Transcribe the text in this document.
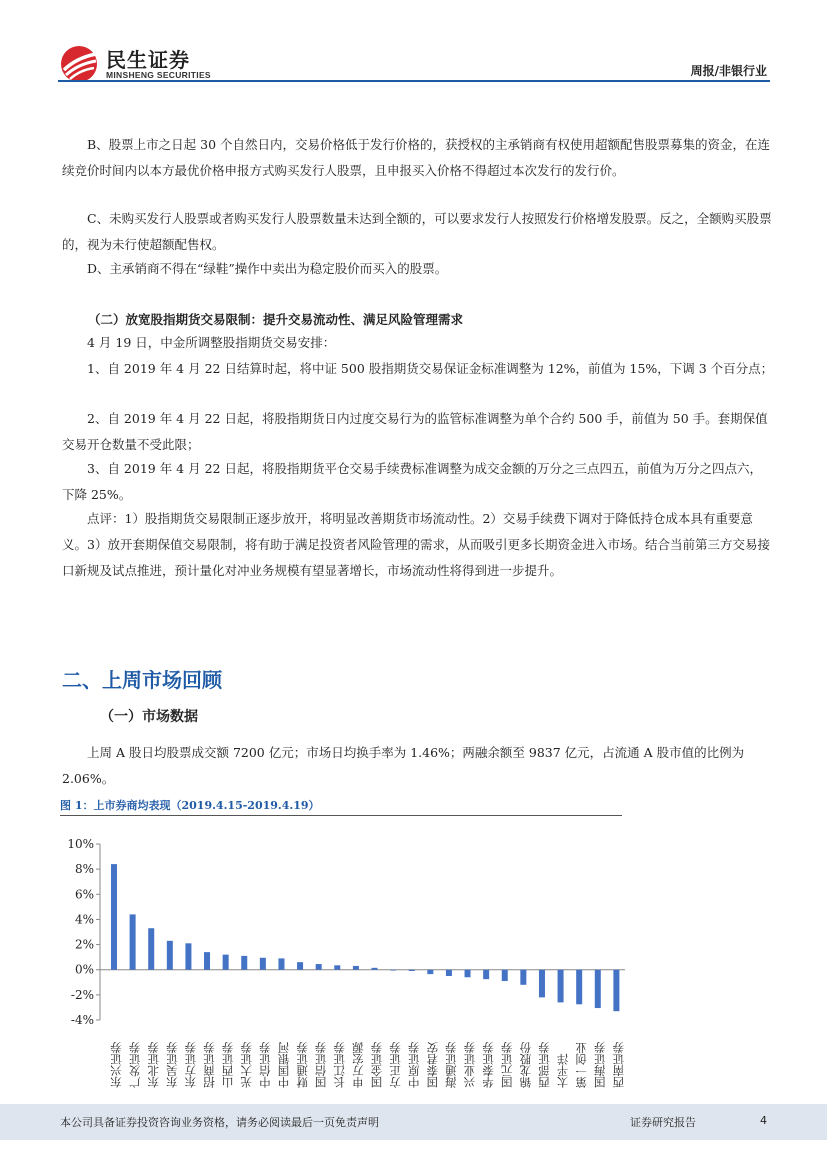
民生证券
MINSHENG SECURITIES	周报/非银行业

B、股票上市之日起 30 个自然日内，交易价格低于发行价格的，获授权的主承销商有权使用超额配售股票募集的资金，在连续竞价时间内以本方最优价格申报方式购买发行人股票，且申报买入价格不得超过本次发行的发行价。

C、未购买发行人股票或者购买发行人股票数量未达到全额的，可以要求发行人按照发行价格增发股票。反之，全额购买股票的，视为未行使超额配售权。

D、主承销商不得在“绿鞋”操作中卖出为稳定股价而买入的股票。

（二）放宽股指期货交易限制：提升交易流动性、满足风险管理需求

4 月 19 日，中金所调整股指期货交易安排：

1、自 2019 年 4 月 22 日结算时起，将中证 500 股指期货交易保证金标准调整为 12%，前值为 15%，下调 3 个百分点；

2、自 2019 年 4 月 22 日起，将股指期货日内过度交易行为的监管标准调整为单个合约 500 手，前值为 50 手。套期保值交易开仓数量不受此限；

3、自 2019 年 4 月 22 日起，将股指期货平仓交易手续费标准调整为成交金额的万分之三点四五，前值为万分之四点六，下降 25%。

点评：1）股指期货交易限制正逐步放开，将明显改善期货市场流动性。2）交易手续费下调对于降低持仓成本具有重要意义。3）放开套期保值交易限制，将有助于满足投资者风险管理的需求，从而吸引更多长期资金进入市场。结合当前第三方交易接口新规及试点推进，预计量化对冲业务规模有望显著增长，市场流动性将得到进一步提升。

二、上周市场回顾
（一）市场数据

上周 A 股日均股票成交额 7200 亿元；市场日均换手率为 1.46%；两融余额至 9837 亿元，占流通 A 股市值的比例为 2.06%。

图 1：上市券商均表现（2019.4.15-2019.4.19）
10%
8%
6%
4%
2%
0%
-2%
-4%
东兴证券 广发证券 东北证券 东吴证券 东方证券 招商证券 山西证券 光大证券 中信证券 中国银河 财通证券 国信证券 长江证券 申万宏源 国金证券 方正证券 中原证券 国泰君安 海通证券 兴业证券 华泰证券 国元证券 锦龙股份 西部证券 太平洋 第一创业 国海证券 西南证券
本公司具备证券投资咨询业务资格，请务必阅读最后一页免责声明	证券研究报告	4
